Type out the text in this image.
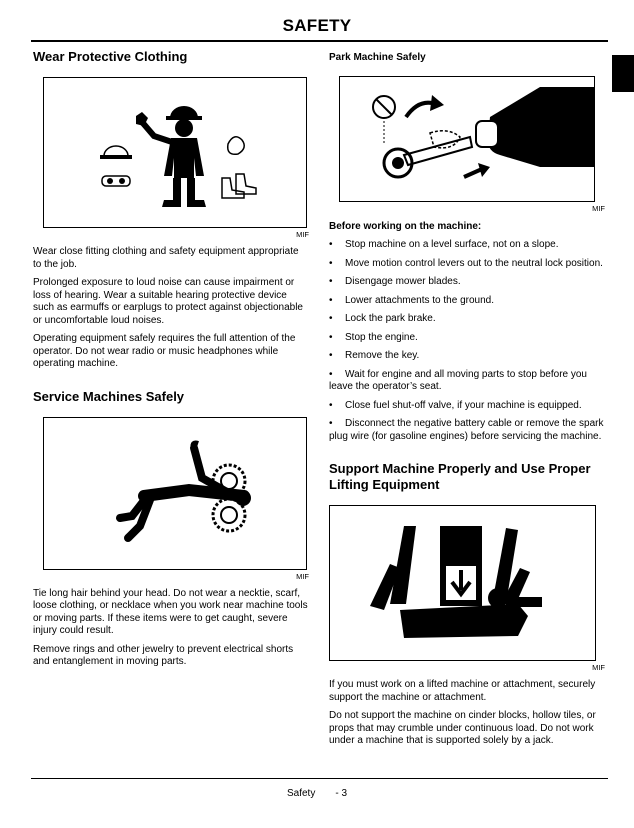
SAFETY
Wear Protective Clothing
MIF

Wear close fitting clothing and safety equipment appropriate to the job.

Prolonged exposure to loud noise can cause impairment or loss of hearing. Wear a suitable hearing protective device such as earmuffs or earplugs to protect against objectionable or uncomfortable loud noises.

Operating equipment safely requires the full attention of the operator. Do not wear radio or music headphones while operating machine.

Service Machines Safely
MIF

Tie long hair behind your head. Do not wear a necktie, scarf, loose clothing, or necklace when you work near machine tools or moving parts. If these items were to get caught, severe injury could result.

Remove rings and other jewelry to prevent electrical shorts and entanglement in moving parts.

Park Machine Safely
MIF
Before working on the machine:
• Stop machine on a level surface, not on a slope.
• Move motion control levers out to the neutral lock position.
• Disengage mower blades.
• Lower attachments to the ground.
• Lock the park brake.
• Stop the engine.
• Remove the key.
• Wait for engine and all moving parts to stop before you leave the operator’s seat.
• Close fuel shut-off valve, if your machine is equipped.
• Disconnect the negative battery cable or remove the spark plug wire (for gasoline engines) before servicing the machine.
Support Machine Properly and Use Proper Lifting Equipment
MIF

If you must work on a lifted machine or attachment, securely support the machine or attachment.

Do not support the machine on cinder blocks, hollow tiles, or props that may crumble under continuous load. Do not work under a machine that is supported solely by a jack.

Safety - 3
